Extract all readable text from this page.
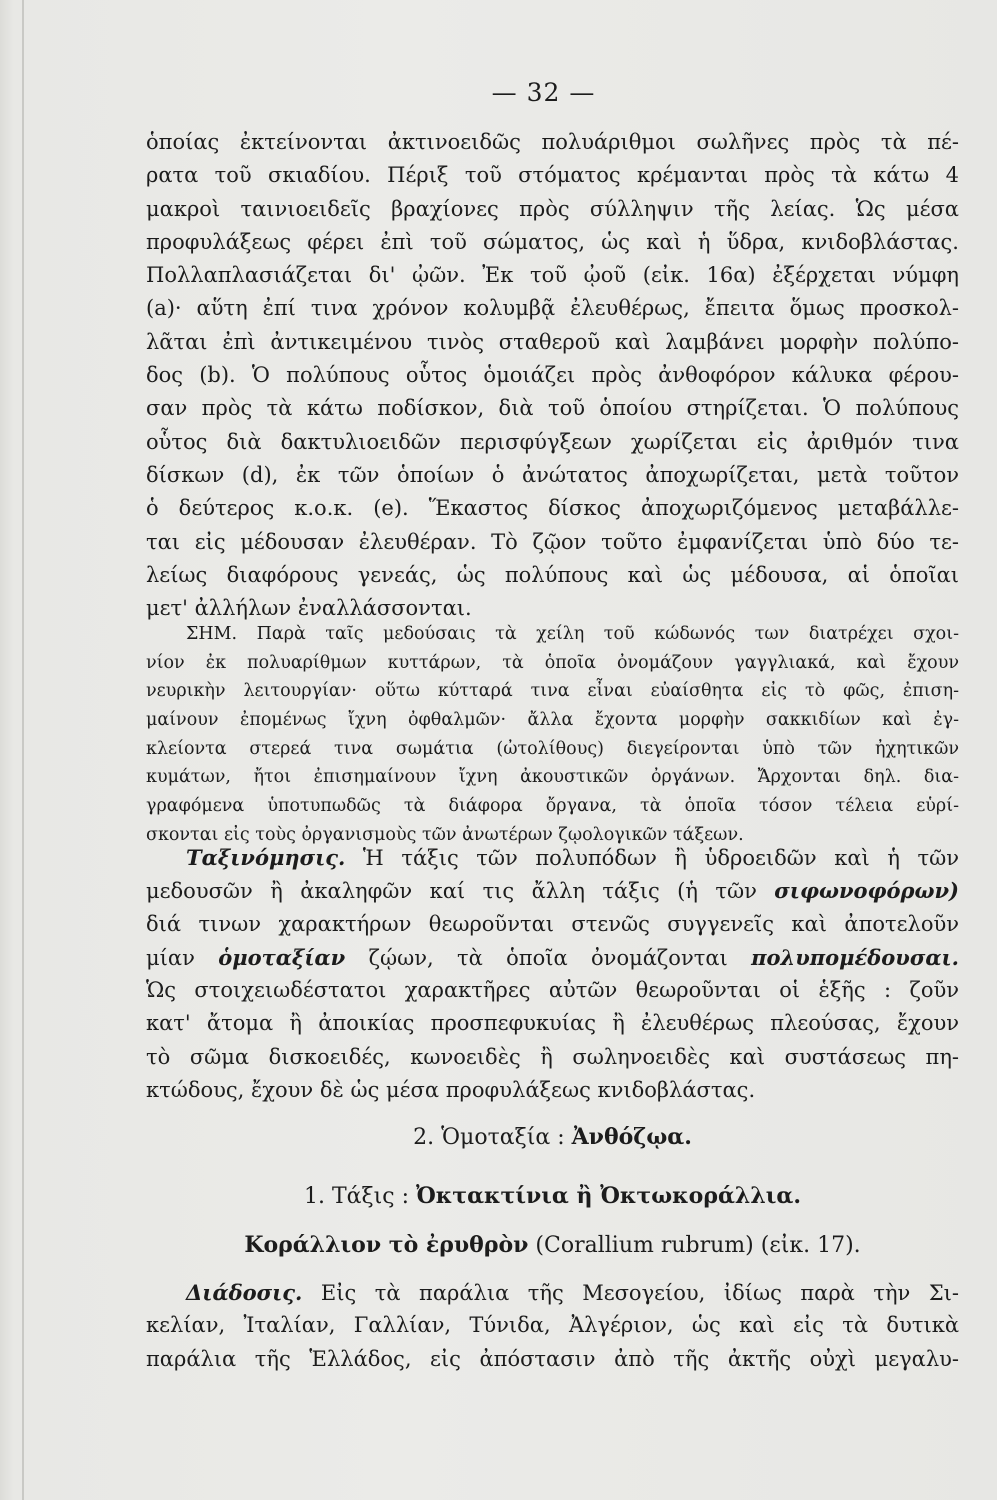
— 32 —
ὁποίας ἐκτείνονται ἀκτινοειδῶς πολυάριθμοι σωλῆνες πρὸς τὰ πέ-
ρατα τοῦ σκιαδίου. Πέριξ τοῦ στόματος κρέμανται πρὸς τὰ κάτω 4
μακροὶ ταινιοειδεῖς βραχίονες πρὸς σύλληψιν τῆς λείας. Ὡς μέσα
προφυλάξεως φέρει ἐπὶ τοῦ σώματος, ὡς καὶ ἡ ὕδρα, κνιδοβλάστας.
Πολλαπλασιάζεται δι' ᾠῶν. Ἐκ τοῦ ᾠοῦ (εἰκ. 16α) ἐξέρχεται νύμφη
(a)· αὕτη ἐπί τινα χρόνον κολυμβᾷ ἐλευθέρως, ἔπειτα ὅμως προσκολ-
λᾶται ἐπὶ ἀντικειμένου τινὸς σταθεροῦ καὶ λαμβάνει μορφὴν πολύπο-
δος (b). Ὁ πολύπους οὗτος ὁμοιάζει πρὸς ἀνθοφόρον κάλυκα φέρου-
σαν πρὸς τὰ κάτω ποδίσκον, διὰ τοῦ ὁποίου στηρίζεται. Ὁ πολύπους
οὗτος διὰ δακτυλιοειδῶν περισφύγξεων χωρίζεται εἰς ἀριθμόν τινα
δίσκων (d), ἐκ τῶν ὁποίων ὁ ἀνώτατος ἀποχωρίζεται, μετὰ τοῦτον
ὁ δεύτερος κ.ο.κ. (e). Ἕκαστος δίσκος ἀποχωριζόμενος μεταβάλλε-
ται εἰς μέδουσαν ἐλευθέραν. Τὸ ζῷον τοῦτο ἐμφανίζεται ὑπὸ δύο τε-
λείως διαφόρους γενεάς, ὡς πολύπους καὶ ὡς μέδουσα, αἱ ὁποῖαι
μετ' ἀλλήλων ἐναλλάσσονται.
ΣΗΜ. Παρὰ ταῖς μεδούσαις τὰ χείλη τοῦ κώδωνός των διατρέχει σχοι-
νίον ἐκ πολυαρίθμων κυττάρων, τὰ ὁποῖα ὀνομάζουν γαγγλιακά, καὶ ἔχουν
νευρικὴν λειτουργίαν· οὕτω κύτταρά τινα εἶναι εὐαίσθητα εἰς τὸ φῶς, ἐπιση-
μαίνουν ἐπομένως ἴχνη ὀφθαλμῶν· ἄλλα ἔχοντα μορφὴν σακκιδίων καὶ ἐγ-
κλείοντα στερεά τινα σωμάτια (ὠτολίθους) διεγείρονται ὑπὸ τῶν ἠχητικῶν
κυμάτων, ἤτοι ἐπισημαίνουν ἴχνη ἀκουστικῶν ὀργάνων. Ἄρχονται δηλ. δια-
γραφόμενα ὑποτυπωδῶς τὰ διάφορα ὄργανα, τὰ ὁποῖα τόσον τέλεια εὑρί-
σκονται εἰς τοὺς ὀργανισμοὺς τῶν ἀνωτέρων ζῳολογικῶν τάξεων.
Ταξινόμησις. Ἡ τάξις τῶν πολυπόδων ἢ ὑδροειδῶν καὶ ἡ τῶν
μεδουσῶν ἢ ἀκαληφῶν καί τις ἄλλη τάξις (ἡ τῶν σιφωνοφόρων)
διά τινων χαρακτήρων θεωροῦνται στενῶς συγγενεῖς καὶ ἀποτελοῦν
μίαν ὁμοταξίαν ζῴων, τὰ ὁποῖα ὀνομάζονται πολυπομέδουσαι.
Ὡς στοιχειωδέστατοι χαρακτῆρες αὐτῶν θεωροῦνται οἱ ἑξῆς : ζοῦν
κατ' ἄτομα ἢ ἀποικίας προσπεφυκυίας ἢ ἐλευθέρως πλεούσας, ἔχουν
τὸ σῶμα δισκοειδές, κωνοειδὲς ἢ σωληνοειδὲς καὶ συστάσεως πη-
κτώδους, ἔχουν δὲ ὡς μέσα προφυλάξεως κνιδοβλάστας.
2. Ὁμοταξία : Ἀνθόζῳα.
1. Τάξις : Ὀκτακτίνια ἢ Ὀκτωκοράλλια.
Κοράλλιον τὸ ἐρυθρὸν (Corallium rubrum) (εἰκ. 17).
Διάδοσις. Εἰς τὰ παράλια τῆς Μεσογείου, ἰδίως παρὰ τὴν Σι-
κελίαν, Ἰταλίαν, Γαλλίαν, Τύνιδα, Ἀλγέριον, ὡς καὶ εἰς τὰ δυτικὰ
παράλια τῆς Ἑλλάδος, εἰς ἀπόστασιν ἀπὸ τῆς ἀκτῆς οὐχὶ μεγαλυ-
